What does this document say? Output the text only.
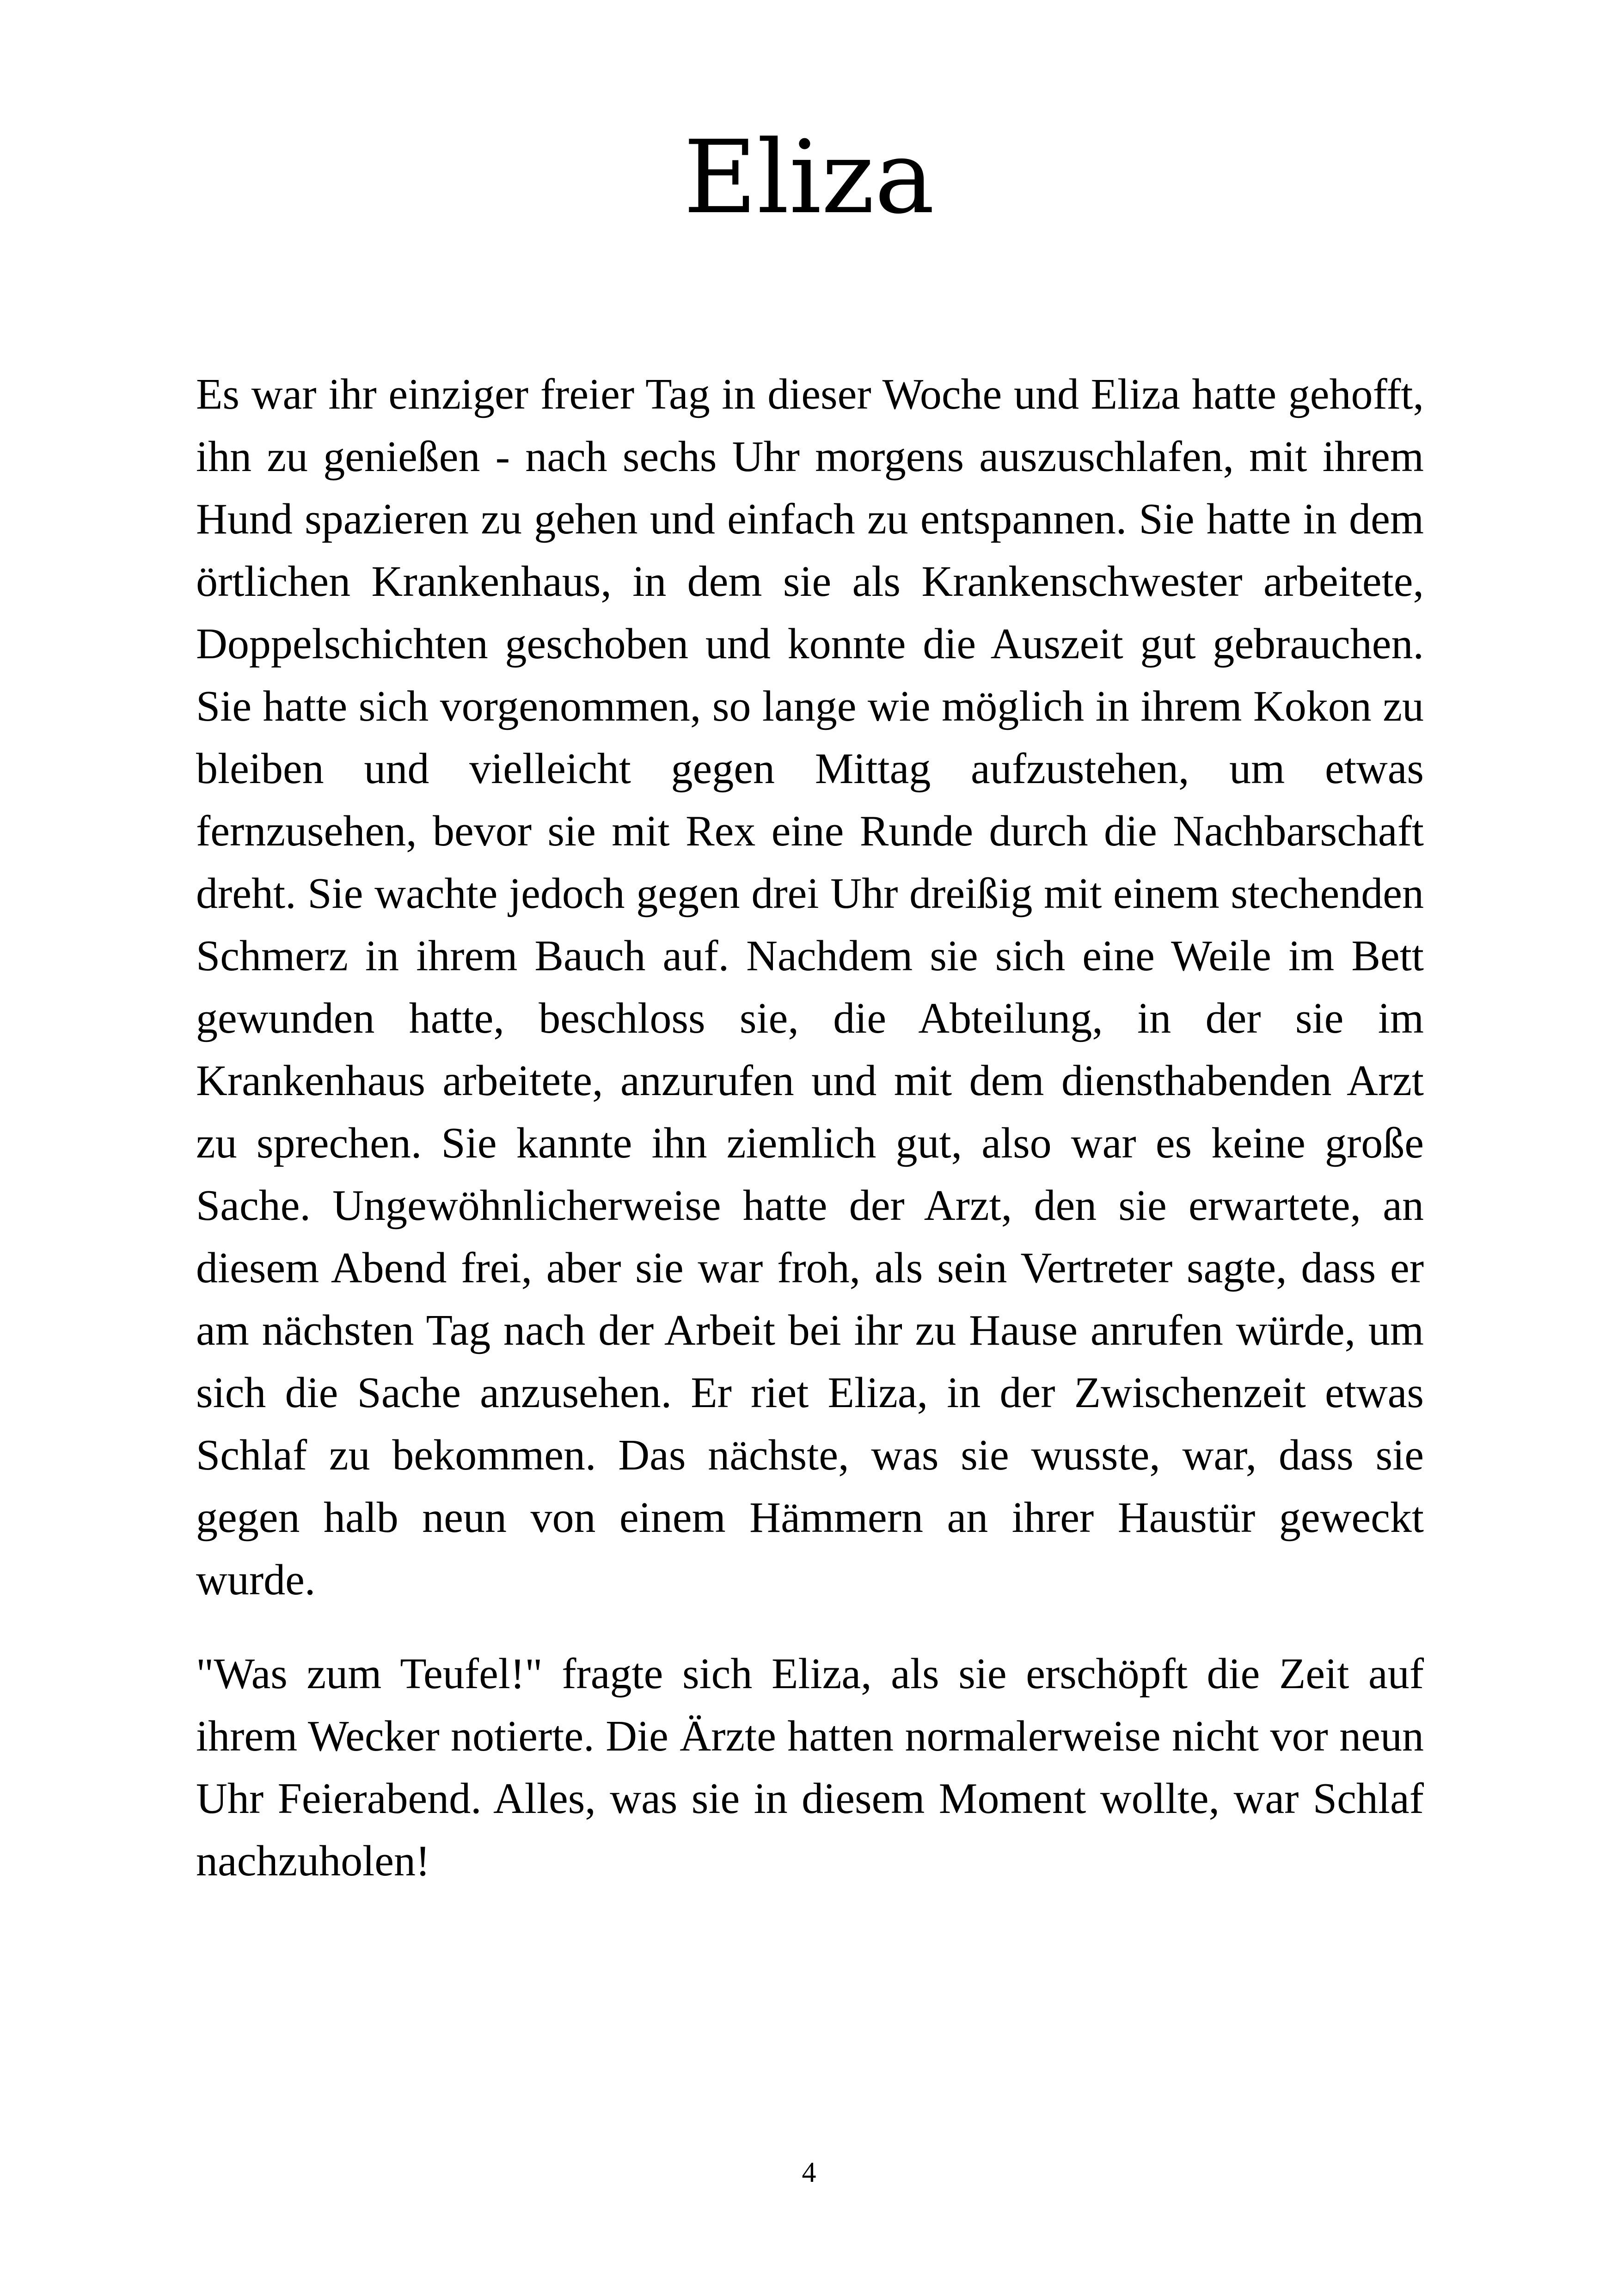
Eliza

Es war ihr einziger freier Tag in dieser Woche und Eliza hatte gehofft, ihn zu genießen - nach sechs Uhr morgens auszuschlafen, mit ihrem Hund spazieren zu gehen und einfach zu entspannen. Sie hatte in dem örtlichen Krankenhaus, in dem sie als Krankenschwester arbeitete, Doppelschichten geschoben und konnte die Auszeit gut gebrauchen. Sie hatte sich vorgenommen, so lange wie möglich in ihrem Kokon zu bleiben und vielleicht gegen Mittag aufzustehen, um etwas fernzusehen, bevor sie mit Rex eine Runde durch die Nachbarschaft dreht. Sie wachte jedoch gegen drei Uhr dreißig mit einem stechenden Schmerz in ihrem Bauch auf. Nachdem sie sich eine Weile im Bett gewunden hatte, beschloss sie, die Abteilung, in der sie im Krankenhaus arbeitete, anzurufen und mit dem diensthabenden Arzt zu sprechen. Sie kannte ihn ziemlich gut, also war es keine große Sache. Ungewöhnlicherweise hatte der Arzt, den sie erwartete, an diesem Abend frei, aber sie war froh, als sein Vertreter sagte, dass er am nächsten Tag nach der Arbeit bei ihr zu Hause anrufen würde, um sich die Sache anzusehen. Er riet Eliza, in der Zwischenzeit etwas Schlaf zu bekommen. Das nächste, was sie wusste, war, dass sie gegen halb neun von einem Hämmern an ihrer Haustür geweckt wurde.

"Was zum Teufel!" fragte sich Eliza, als sie erschöpft die Zeit auf ihrem Wecker notierte. Die Ärzte hatten normalerweise nicht vor neun Uhr Feierabend. Alles, was sie in diesem Moment wollte, war Schlaf nachzuholen!

4
